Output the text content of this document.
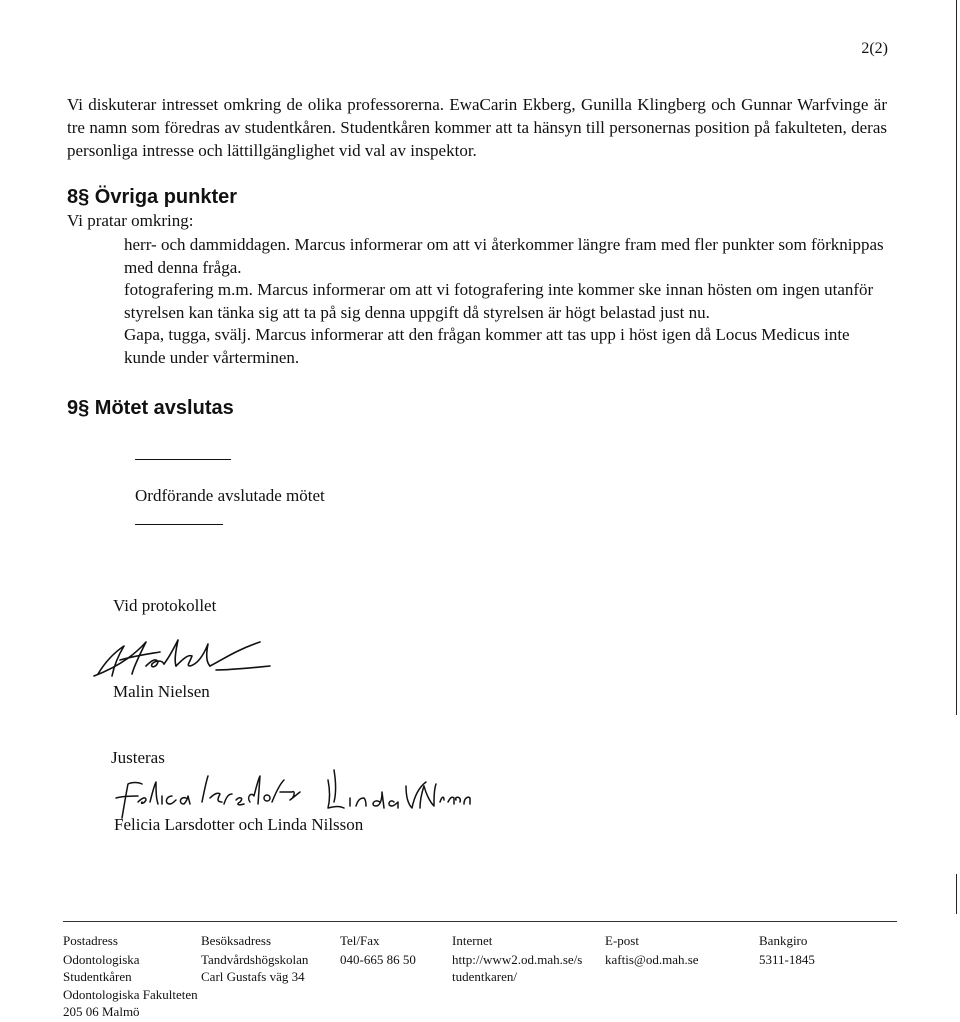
2(2)
Vi diskuterar intresset omkring de olika professorerna. EwaCarin Ekberg, Gunilla Klingberg och Gunnar Warfvinge är tre namn som föredras av studentkåren. Studentkåren kommer att ta hänsyn till personernas position på fakulteten, deras personliga intresse och lättillgänglighet vid val av inspektor.
8§ Övriga punkter
Vi pratar omkring:

herr- och dammiddagen. Marcus informerar om att vi återkommer längre fram med fler punkter som förknippas med denna fråga.

fotografering m.m. Marcus informerar om att vi fotografering inte kommer ske innan hösten om ingen utanför styrelsen kan tänka sig att ta på sig denna uppgift då styrelsen är högt belastad just nu.

Gapa, tugga, svälj. Marcus informerar att den frågan kommer att tas upp i höst igen då Locus Medicus inte kunde under vårterminen.

9§ Mötet avslutas
Ordförande avslutade mötet
Vid protokollet
Malin Nielsen
Justeras
Felicia Larsdotter och Linda Nilsson
Postadress
Odontologiska
Studentkåren
Odontologiska Fakulteten
205 06 Malmö
Besöksadress
Tandvårdshögskolan
Carl Gustafs väg 34
Tel/Fax
040-665 86 50
Internet
http://www2.od.mah.se/s
tudentkaren/
E-post
kaftis@od.mah.se
Bankgiro
5311-1845
